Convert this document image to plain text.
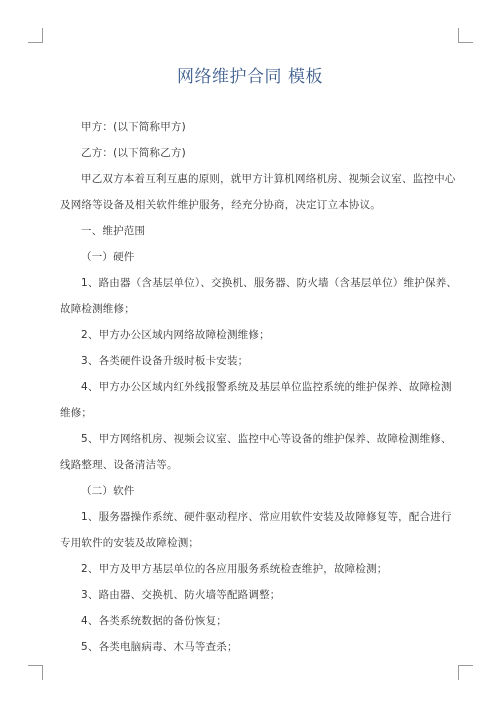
网络维护合同 模板

甲方：(以下简称甲方)

乙方：(以下简称乙方)

甲乙双方本着互利互惠的原则，就甲方计算机网络机房、视频会议室、监控中心

及网络等设备及相关软件维护服务，经充分协商，决定订立本协议。

一、维护范围

（一）硬件

1、路由器（含基层单位）、交换机、服务器、防火墙（含基层单位）维护保养、

故障检测维修；

2、甲方办公区域内网络故障检测维修；

3、各类硬件设备升级时板卡安装；

4、甲方办公区域内红外线报警系统及基层单位监控系统的维护保养、故障检测

维修；

5、甲方网络机房、视频会议室、监控中心等设备的维护保养、故障检测维修、

线路整理、设备清洁等。

（二）软件

1、服务器操作系统、硬件驱动程序、常应用软件安装及故障修复等，配合进行

专用软件的安装及故障检测；

2、甲方及甲方基层单位的各应用服务系统检查维护，故障检测；

3、路由器、交换机、防火墙等配路调整；

4、各类系统数据的备份恢复；

5、各类电脑病毒、木马等查杀；
